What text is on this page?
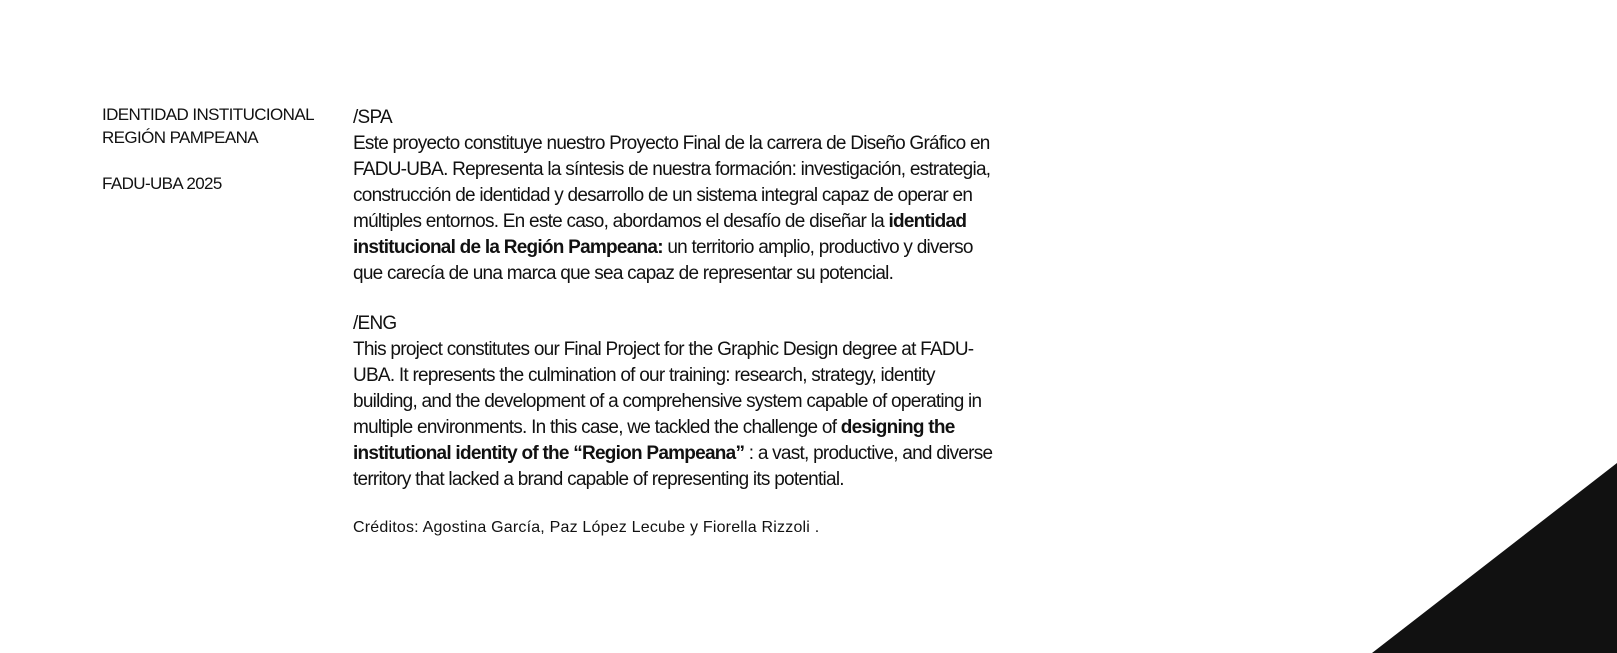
IDENTIDAD INSTITUCIONAL
REGIÓN PAMPEANA
FADU-UBA 2025
/SPA
Este proyecto constituye nuestro Proyecto Final de la carrera de Diseño Gráfico en FADU-UBA. Representa la síntesis de nuestra formación: investigación, estrategia, construcción de identidad y desarrollo de un sistema integral capaz de operar en múltiples entornos. En este caso, abordamos el desafío de diseñar la identidad institucional de la Región Pampeana: un territorio amplio, productivo y diverso que carecía de una marca que sea capaz de representar su potencial.
/ENG
This project constitutes our Final Project for the Graphic Design degree at FADU-UBA. It represents the culmination of our training: research, strategy, identity building, and the development of a comprehensive system capable of operating in multiple environments. In this case, we tackled the challenge of designing the institutional identity of the “Region Pampeana” : a vast, productive, and diverse territory that lacked a brand capable of representing its potential.
Créditos: Agostina García, Paz López Lecube y Fiorella Rizzoli .
